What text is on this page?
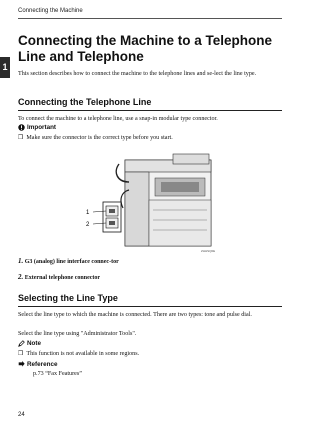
Connecting the Machine
1
Connecting the Machine to a Telephone Line and Telephone

This section describes how to connect the machine to the telephone lines and se-lect the line type.

Connecting the Telephone Line

To connect the machine to a telephone line, use a snap-in modular type connector.

Important
❒ Make sure the connector is the correct type before you start.
1
2
ZHHSQ0E
1. G3 (analog) line interface connec-tor
2. External telephone connector
Selecting the Line Type

Select the line type to which the machine is connected. There are two types: tone and pulse dial.

Select the line type using "Administrator Tools".

Note
❒ This function is not available in some regions.
Reference
p.73 “Fax Features”
24
